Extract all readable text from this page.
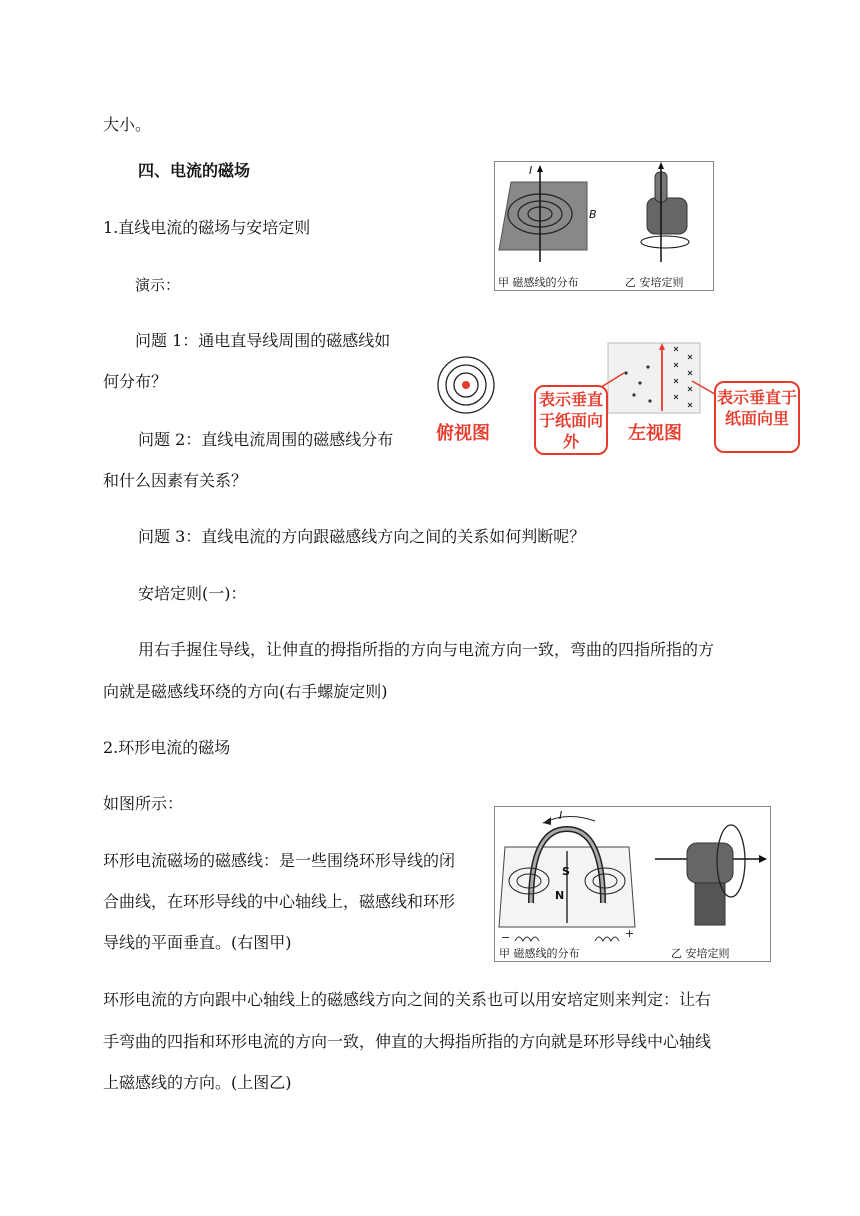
大小。
四、电流的磁场
1.直线电流的磁场与安培定则
演示：
问题 1：通电直导线周围的磁感线如
何分布？
问题 2：直线电流周围的磁感线分布
和什么因素有关系？
问题 3：直线电流的方向跟磁感线方向之间的关系如何判断呢？
安培定则(一)：
用右手握住导线，让伸直的拇指所指的方向与电流方向一致，弯曲的四指所指的方
向就是磁感线环绕的方向(右手螺旋定则)
2.环形电流的磁场
如图所示：
环形电流磁场的磁感线：是一些围绕环形导线的闭
合曲线，在环形导线的中心轴线上，磁感线和环形
导线的平面垂直。(右图甲)
环形电流的方向跟中心轴线上的磁感线方向之间的关系也可以用安培定则来判定：让右
手弯曲的四指和环形电流的方向一致，伸直的大拇指所指的方向就是环形导线中心轴线
上磁感线的方向。(上图乙)
I
B
甲 磁感线的分布	乙 安培定则
俯视图	左视图
表示垂直于纸面向外
表示垂直于纸面向里
I
S
N
−	+
甲 磁感线的分布	乙 安培定则
